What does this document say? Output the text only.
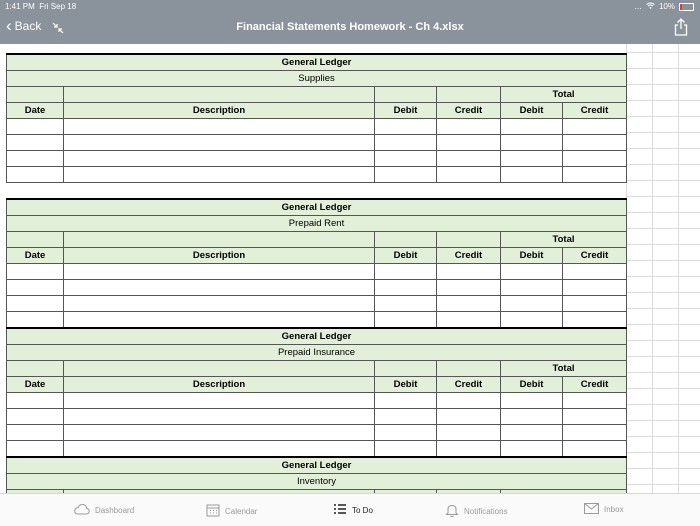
1:41 PM Fri Sep 18	… 10%
‹ Back	Financial Statements Homework - Ch 4.xlsx
General Ledger					
Supplies					
				Total	
Date	Description	Debit	Credit	Debit	Credit

General Ledger					
Prepaid Rent					
				Total	
Date	Description	Debit	Credit	Debit	Credit

General Ledger					
Prepaid Insurance					
				Total	
Date	Description	Debit	Credit	Debit	Credit

General Ledger					
Inventory					

Dashboard	Calendar	To Do	Notifications	Inbox
